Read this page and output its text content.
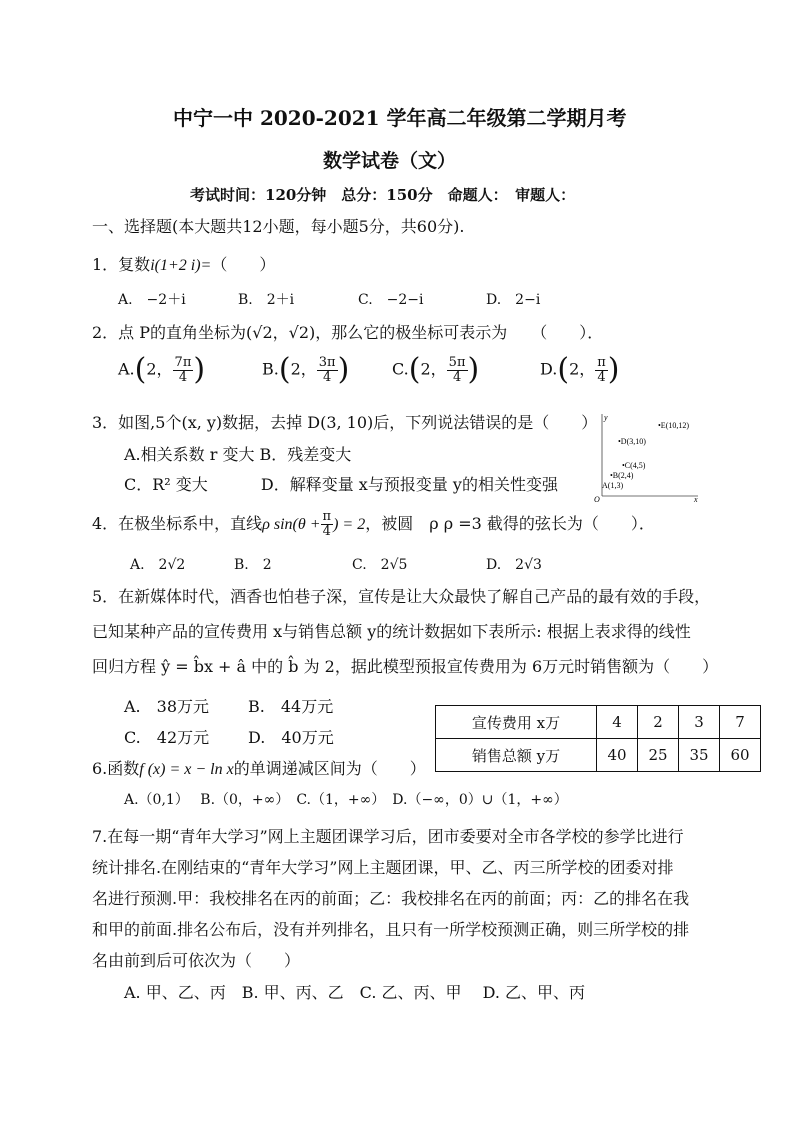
中宁一中 2020-2021 学年高二年级第二学期月考
数学试卷（文）
考试时间：120分钟　总分：150分　命题人：　审题人：
一、选择题(本大题共12小题，每小题5分，共60分).
1．复数i(1+2 i)=（　　）
A.　−2＋i	B.　2＋i	C.　−2−i	D.　2−i
2．点 P的直角坐标为(√2，√2)，那么它的极坐标可表示为　　（　　）．
A.(2， $\frac{7\pi}{4}$ )	B.(2， $\frac{3\pi}{4}$ )	C.(2， $\frac{5\pi}{4}$ )	D.(2， $\frac{\pi}{4}$ )
3．如图,5个(x, y)数据，去掉 D(3, 10)后，下列说法错误的是（　　）
A.相关系数 r 变大 B．残差变大
C．R² 变大　　　 D．解释变量 x与预报变量 y的相关性变强
y
x
O
•E(10,12)
•D(3,10)
•C(4,5)
•B(2,4)
A(1,3)
4．在极坐标系中，直线ρ $\sin(\theta + \frac{\pi}{4}$ ) = 2，被圆　ρ ρ =3 截得的弦长为（　　）．
A.　2√2	B.　2	C.　2√5	D.　2√3
5．在新媒体时代，酒香也怕巷子深，宣传是让大众最快了解自己产品的最有效的手段，
已知某种产品的宣传费用 x与销售总额 y的统计数据如下表所示: 根据上表求得的线性
回归方程 ŷ = b̂x + â 中的 b̂ 为 2，据此模型预报宣传费用为 6万元时销售额为（　　）
A.　38万元 B.　44万元
C.　42万元 D.　40万元
宣传费用 x万	4	2	3	7
销售总额 y万	40	25	35	60
6.函数f (x) = x − ln x的单调递减区间为（　　）
A.（0,1）　 B.（0，+∞）　C.（1，+∞）　D.（−∞，0）∪（1，+∞）
7.在每一期“青年大学习”网上主题团课学习后，团市委要对全市各学校的参学比进行
统计排名.在刚结束的“青年大学习”网上主题团课，甲、乙、丙三所学校的团委对排
名进行预测.甲：我校排名在丙的前面；乙：我校排名在丙的前面；丙：乙的排名在我
和甲的前面.排名公布后，没有并列排名，且只有一所学校预测正确，则三所学校的排
名由前到后可依次为（　　）
A. 甲、乙、丙　B. 甲、丙、乙　C. 乙、丙、甲　 D. 乙、甲、丙
